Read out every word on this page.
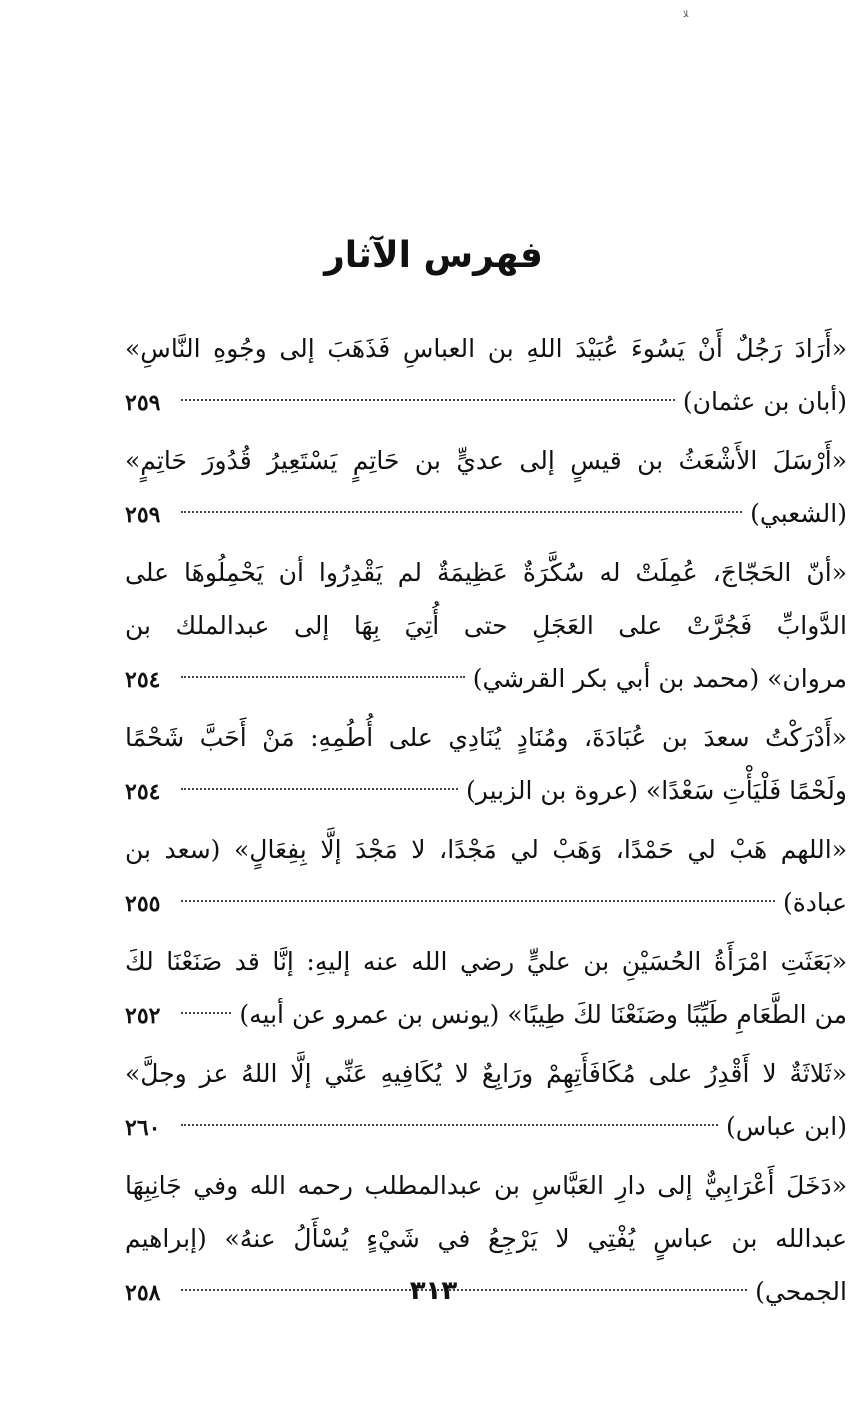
ﻼ
فهرس الآثار
«أَرَادَ رَجُلٌ أَنْ يَسُوءَ عُبَيْدَ اللهِ بن العباسِ فَذَهَبَ إلى وجُوهِ النَّاسِ»
٢٥٩	(أبان بن عثمان)
«أَرْسَلَ الأَشْعَثُ بن قيسٍ إلى عديٍّ بن حَاتِمٍ يَسْتَعِيرُ قُدُورَ حَاتِمٍ»
٢٥٩	(الشعبي)
«أنّ الحَجّاجَ، عُمِلَتْ له سُكَّرَةٌ عَظِيمَةٌ لم يَقْدِرُوا أن يَحْمِلُوهَا على
الدَّوابِّ فَجُرَّتْ على العَجَلِ حتى أُتِيَ بِهَا إلى عبدالملك بن
٢٥٤	مروان» (محمد بن أبي بكر القرشي)
«أَدْرَكْتُ سعدَ بن عُبَادَةَ، ومُنَادٍ يُنَادِي على أُطُمِهِ: مَنْ أَحَبَّ شَحْمًا
٢٥٤	ولَحْمًا فَلْيَأْتِ سَعْدًا» (عروة بن الزبير)
«اللهم هَبْ لي حَمْدًا، وَهَبْ لي مَجْدًا، لا مَجْدَ إلَّا بِفِعَالٍ» (سعد بن
٢٥٥	عبادة)
«بَعَثَتِ امْرَأَةُ الحُسَيْنِ بن عليٍّ رضي الله عنه إليهِ: إنَّا قد صَنَعْنَا لكَ
٢٥٢	من الطَّعَامِ طَيِّبًا وصَنَعْنَا لكَ طِيبًا» (يونس بن عمرو عن أبيه)
«ثَلاثَةٌ لا أَقْدِرُ على مُكَافَأَتِهِمْ ورَابِعٌ لا يُكَافِيهِ عَنِّي إلَّا اللهُ عز وجلَّ»
٢٦٠	(ابن عباس)
«دَخَلَ أَعْرَابِيٌّ إلى دارِ العَبَّاسِ بن عبدالمطلب رحمه الله وفي جَانِبِهَا
عبدالله بن عباسٍ يُفْتِي لا يَرْجِعُ في شَيْءٍ يُسْأَلُ عنهُ» (إبراهيم
٢٥٨	الجمحي)
٣١٣
